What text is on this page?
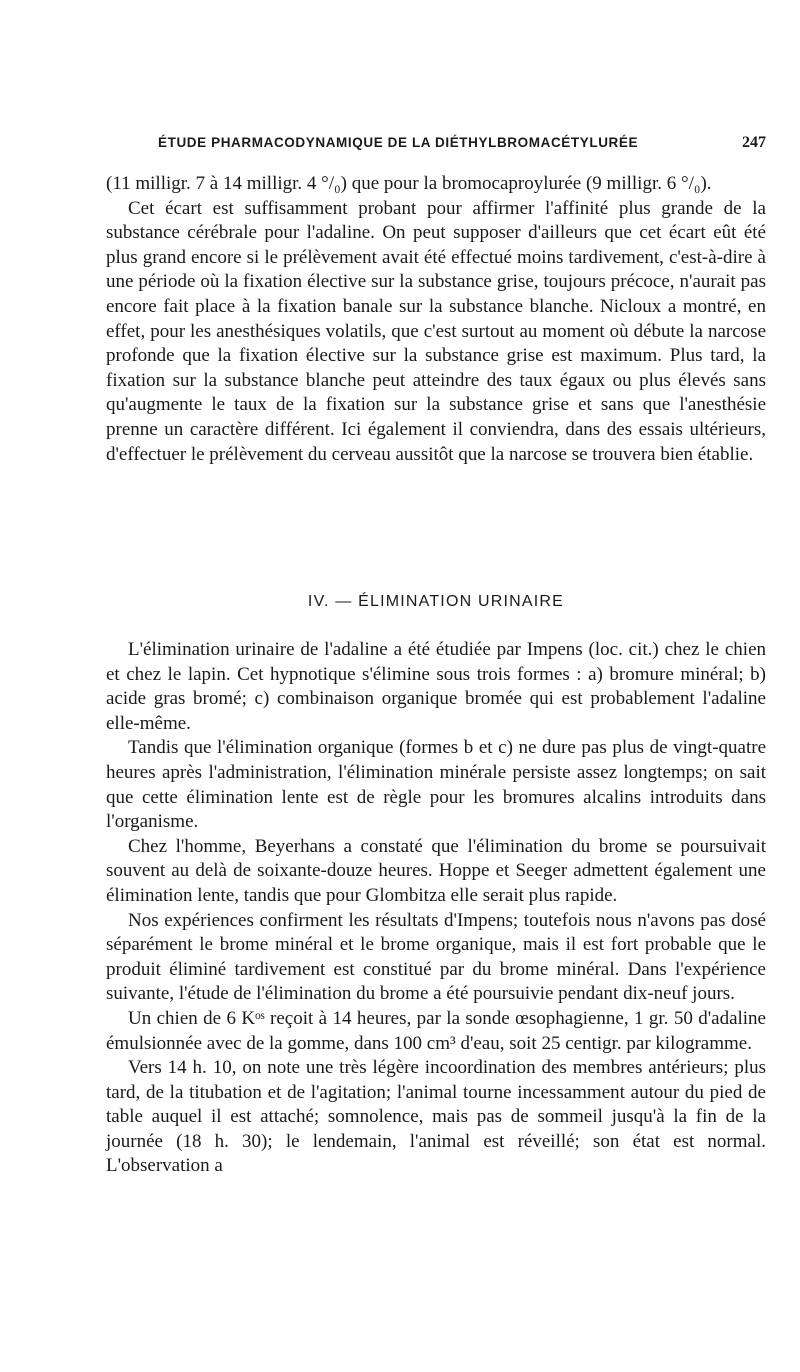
ÉTUDE PHARMACODYNAMIQUE DE LA DIÉTHYLBROMACÉTYLURÉE	247

(11 milligr. 7 à 14 milligr. 4 °/₀) que pour la bromocaproylurée (9 milligr. 6 °/₀).

Cet écart est suffisamment probant pour affirmer l'affinité plus grande de la substance cérébrale pour l'adaline. On peut supposer d'ailleurs que cet écart eût été plus grand encore si le prélèvement avait été effectué moins tardivement, c'est-à-dire à une période où la fixation élective sur la substance grise, toujours précoce, n'aurait pas encore fait place à la fixation banale sur la substance blanche. Nicloux a montré, en effet, pour les anesthésiques volatils, que c'est surtout au moment où débute la narcose profonde que la fixation élective sur la substance grise est maximum. Plus tard, la fixation sur la substance blanche peut atteindre des taux égaux ou plus élevés sans qu'augmente le taux de la fixation sur la substance grise et sans que l'anesthésie prenne un caractère différent. Ici également il conviendra, dans des essais ultérieurs, d'effectuer le prélèvement du cerveau aussitôt que la narcose se trouvera bien établie.

IV. — ÉLIMINATION URINAIRE

L'élimination urinaire de l'adaline a été étudiée par Impens (loc. cit.) chez le chien et chez le lapin. Cet hypnotique s'élimine sous trois formes : a) bromure minéral; b) acide gras bromé; c) combinaison organique bromée qui est probablement l'adaline elle-même.

Tandis que l'élimination organique (formes b et c) ne dure pas plus de vingt-quatre heures après l'administration, l'élimination minérale persiste assez longtemps; on sait que cette élimination lente est de règle pour les bromures alcalins introduits dans l'organisme.

Chez l'homme, Beyerhans a constaté que l'élimination du brome se poursuivait souvent au delà de soixante-douze heures. Hoppe et Seeger admettent également une élimination lente, tandis que pour Glombitza elle serait plus rapide.

Nos expériences confirment les résultats d'Impens; toutefois nous n'avons pas dosé séparément le brome minéral et le brome organique, mais il est fort probable que le produit éliminé tardivement est constitué par du brome minéral. Dans l'expérience suivante, l'étude de l'élimination du brome a été poursuivie pendant dix-neuf jours.

Un chien de 6 Kᵒˢ reçoit à 14 heures, par la sonde œsophagienne, 1 gr. 50 d'adaline émulsionnée avec de la gomme, dans 100 cm³ d'eau, soit 25 centigr. par kilogramme.

Vers 14 h. 10, on note une très légère incoordination des membres antérieurs; plus tard, de la titubation et de l'agitation; l'animal tourne incessamment autour du pied de table auquel il est attaché; somnolence, mais pas de sommeil jusqu'à la fin de la journée (18 h. 30); le lendemain, l'animal est réveillé; son état est normal. L'observation a
